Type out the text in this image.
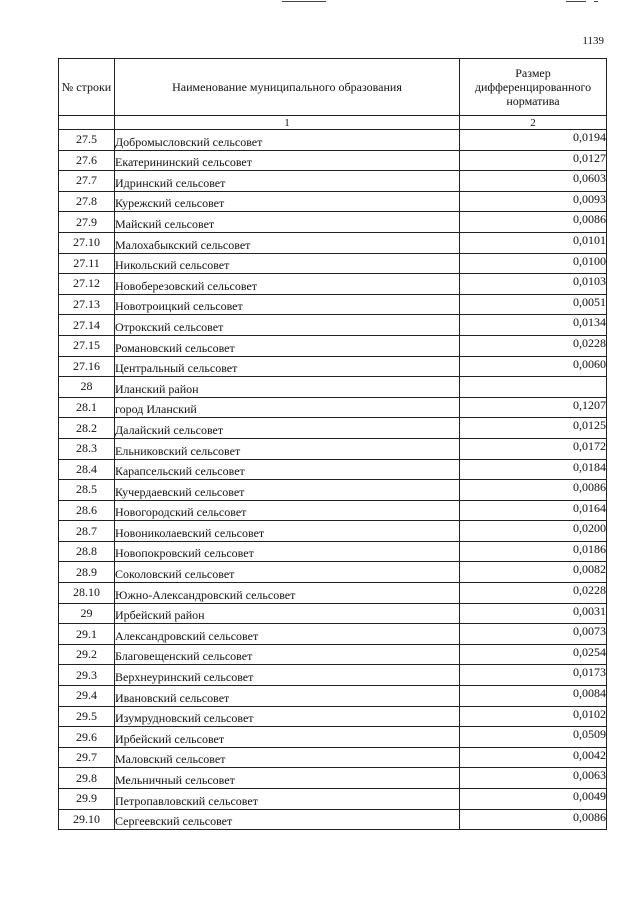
1139
№ строки	Наименование муниципального образования	Размер дифференцированного норматива
	1	2
27.5	Добромысловский сельсовет	0,0194
27.6	Екатерининский сельсовет	0,0127
27.7	Идринский сельсовет	0,0603
27.8	Курежский сельсовет	0,0093
27.9	Майский сельсовет	0,0086
27.10	Малохабыкский сельсовет	0,0101
27.11	Никольский сельсовет	0,0100
27.12	Новоберезовский сельсовет	0,0103
27.13	Новотроицкий сельсовет	0,0051
27.14	Отрокский сельсовет	0,0134
27.15	Романовский сельсовет	0,0228
27.16	Центральный сельсовет	0,0060
28	Иланский район	
28.1	город Иланский	0,1207
28.2	Далайский сельсовет	0,0125
28.3	Ельниковский сельсовет	0,0172
28.4	Карапсельский сельсовет	0,0184
28.5	Кучердаевский сельсовет	0,0086
28.6	Новогородский сельсовет	0,0164
28.7	Новониколаевский сельсовет	0,0200
28.8	Новопокровский сельсовет	0,0186
28.9	Соколовский сельсовет	0,0082
28.10	Южно-Александровский сельсовет	0,0228
29	Ирбейский район	0,0031
29.1	Александровский сельсовет	0,0073
29.2	Благовещенский сельсовет	0,0254
29.3	Верхнеуринский сельсовет	0,0173
29.4	Ивановский сельсовет	0,0084
29.5	Изумрудновский сельсовет	0,0102
29.6	Ирбейский сельсовет	0,0509
29.7	Маловский сельсовет	0,0042
29.8	Мельничный сельсовет	0,0063
29.9	Петропавловский сельсовет	0,0049
29.10	Сергеевский сельсовет	0,0086
